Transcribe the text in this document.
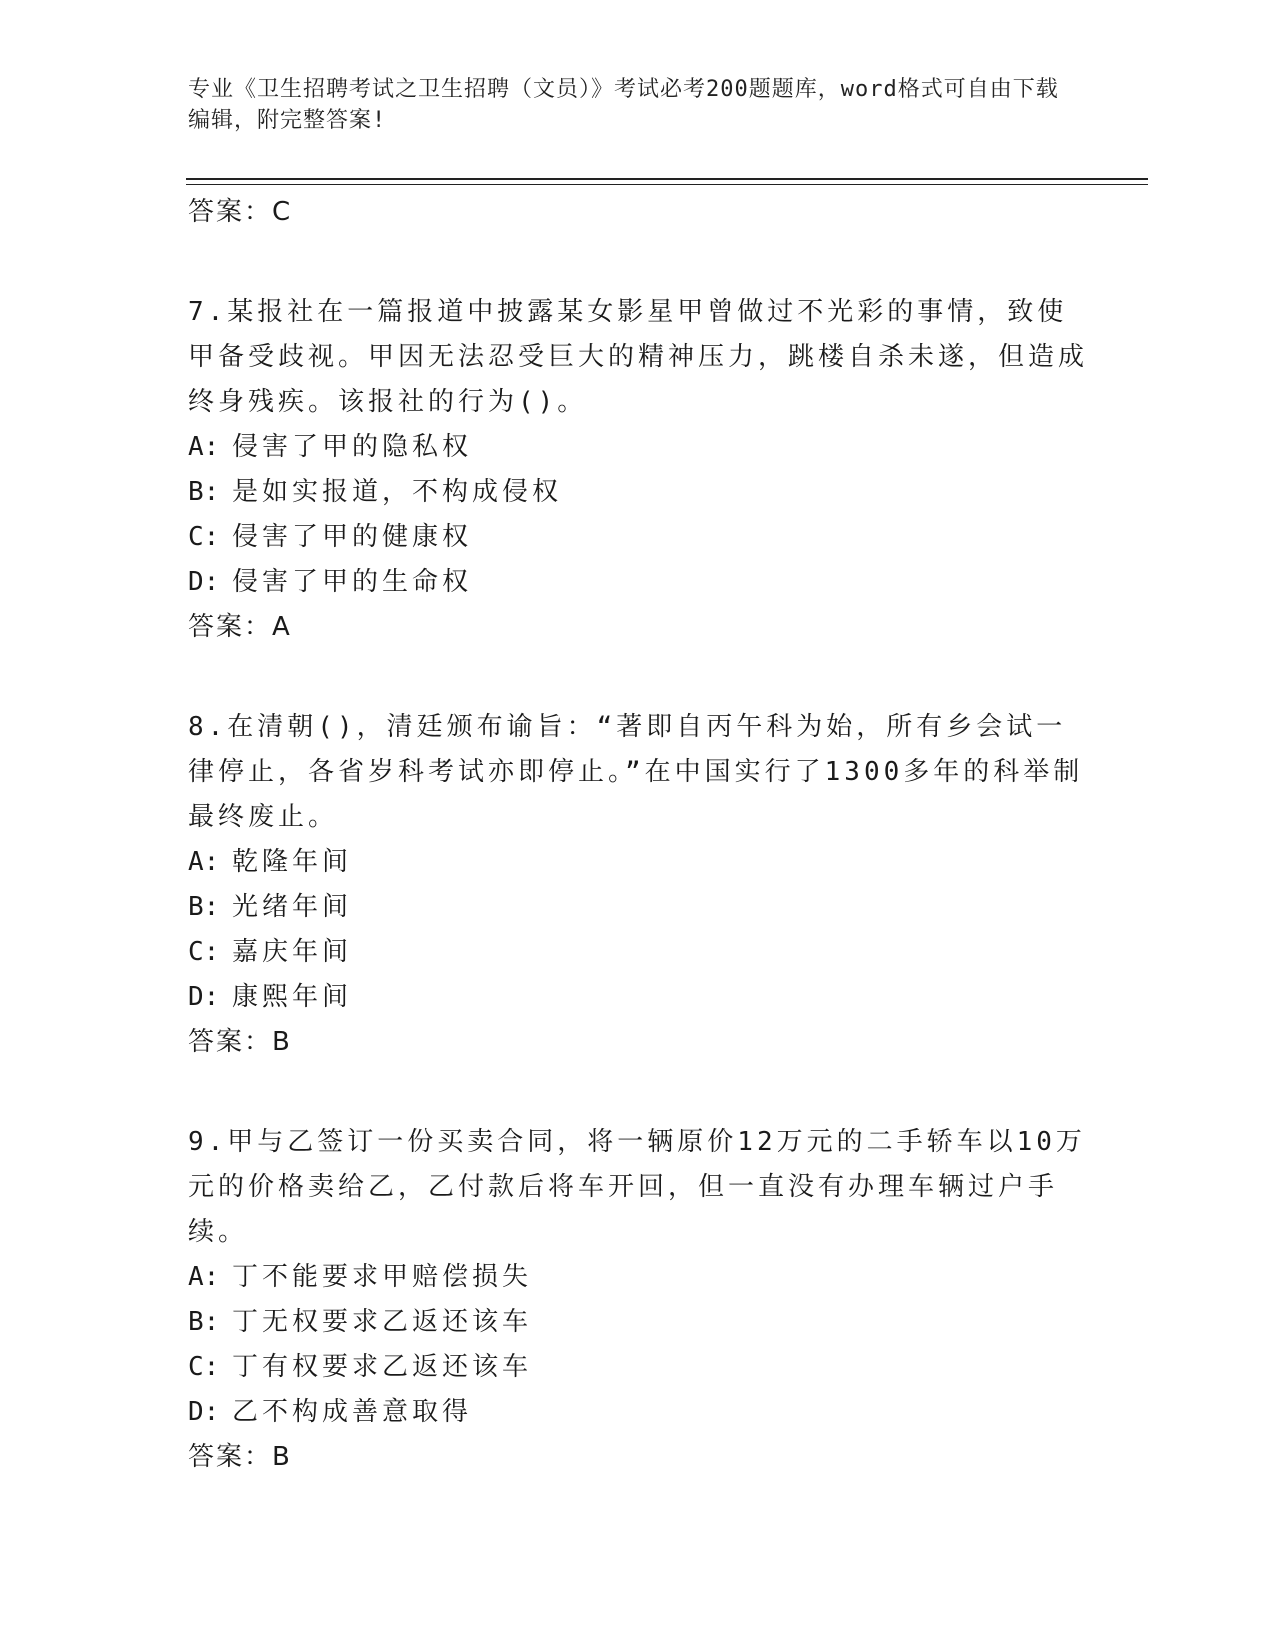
专业《卫生招聘考试之卫生招聘（文员）》考试必考200题题库，word格式可自由下载编辑，附完整答案!
答案：C
7.某报社在一篇报道中披露某女影星甲曾做过不光彩的事情，致使甲备受歧视。甲因无法忍受巨大的精神压力，跳楼自杀未遂，但造成终身残疾。该报社的行为()。
A: 侵害了甲的隐私权
B: 是如实报道，不构成侵权
C: 侵害了甲的健康权
D: 侵害了甲的生命权
答案：A
8.在清朝()，清廷颁布谕旨：“著即自丙午科为始，所有乡会试一律停止，各省岁科考试亦即停止。”在中国实行了1300多年的科举制最终废止。
A: 乾隆年间
B: 光绪年间
C: 嘉庆年间
D: 康熙年间
答案：B
9.甲与乙签订一份买卖合同，将一辆原价12万元的二手轿车以10万元的价格卖给乙，乙付款后将车开回，但一直没有办理车辆过户手续。
A: 丁不能要求甲赔偿损失
B: 丁无权要求乙返还该车
C: 丁有权要求乙返还该车
D: 乙不构成善意取得
答案：B
